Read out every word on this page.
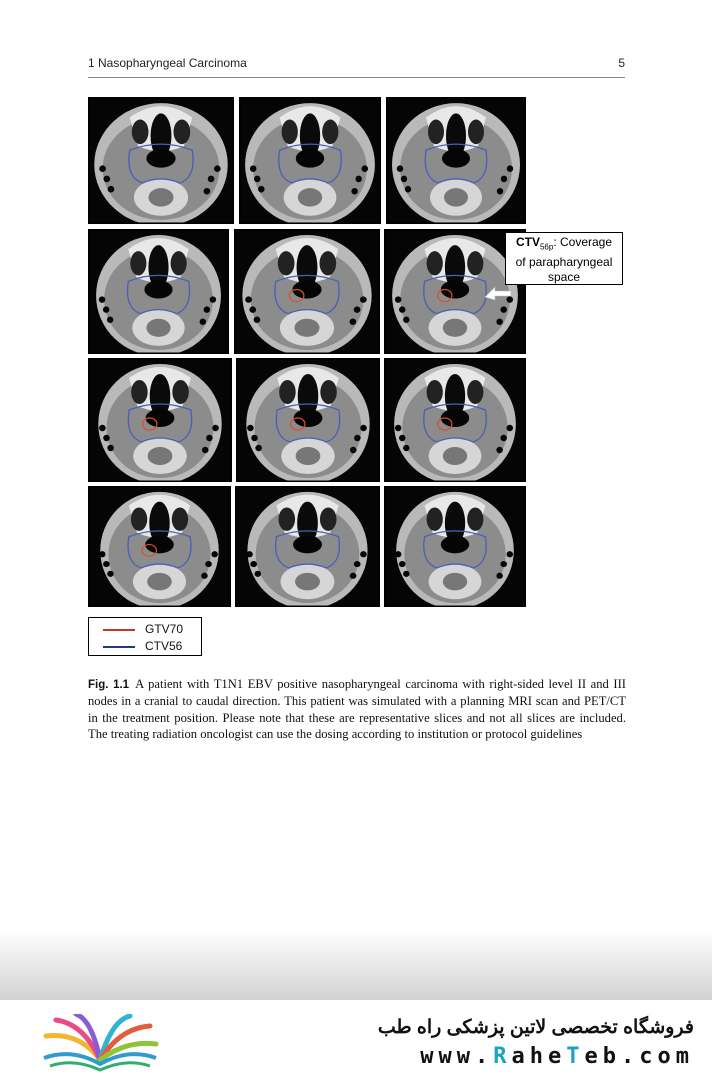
1 Nasopharyngeal Carcinoma	5
$CTV_{56p}$: Coverage
of parapharyngeal
space
GTV70
CTV56
Fig. 1.1 A patient with T1N1 EBV positive nasopharyngeal carcinoma with right-sided level II and III nodes in a cranial to caudal direction. This patient was simulated with a planning MRI scan and PET/CT in the treatment position. Please note that these are representative slices and not all slices are included. The treating radiation oncologist can use the dosing according to institution or protocol guidelines
فروشگاه تخصصی لاتین پزشکی راه طب
www.RaheTeb.com
